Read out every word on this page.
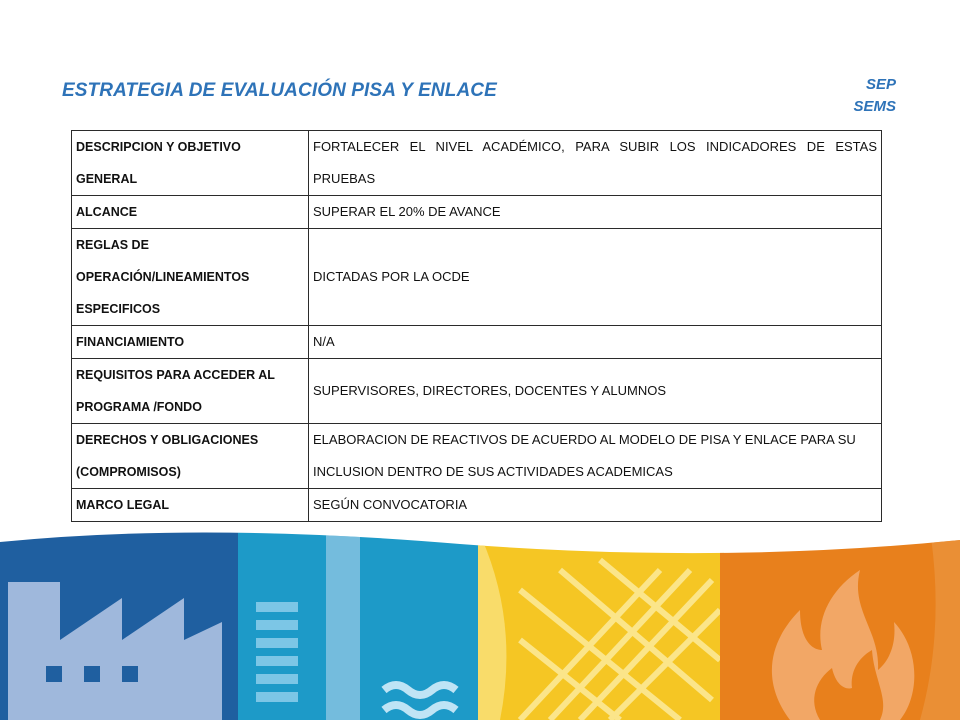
ESTRATEGIA DE EVALUACIÓN PISA Y ENLACE	SEP
SEMS
DESCRIPCION Y OBJETIVO GENERAL	FORTALECER EL NIVEL ACADÉMICO, PARA SUBIR LOS INDICADORES DE ESTAS PRUEBAS
ALCANCE	SUPERAR EL 20% DE AVANCE
REGLAS DE OPERACIÓN/LINEAMIENTOS ESPECIFICOS	DICTADAS POR LA OCDE
FINANCIAMIENTO	N/A
REQUISITOS PARA ACCEDER AL PROGRAMA /FONDO	SUPERVISORES, DIRECTORES, DOCENTES Y ALUMNOS
DERECHOS Y OBLIGACIONES (COMPROMISOS)	ELABORACION DE REACTIVOS DE ACUERDO AL MODELO DE PISA Y ENLACE PARA SU INCLUSION DENTRO DE SUS ACTIVIDADES ACADEMICAS
MARCO LEGAL	SEGÚN CONVOCATORIA
